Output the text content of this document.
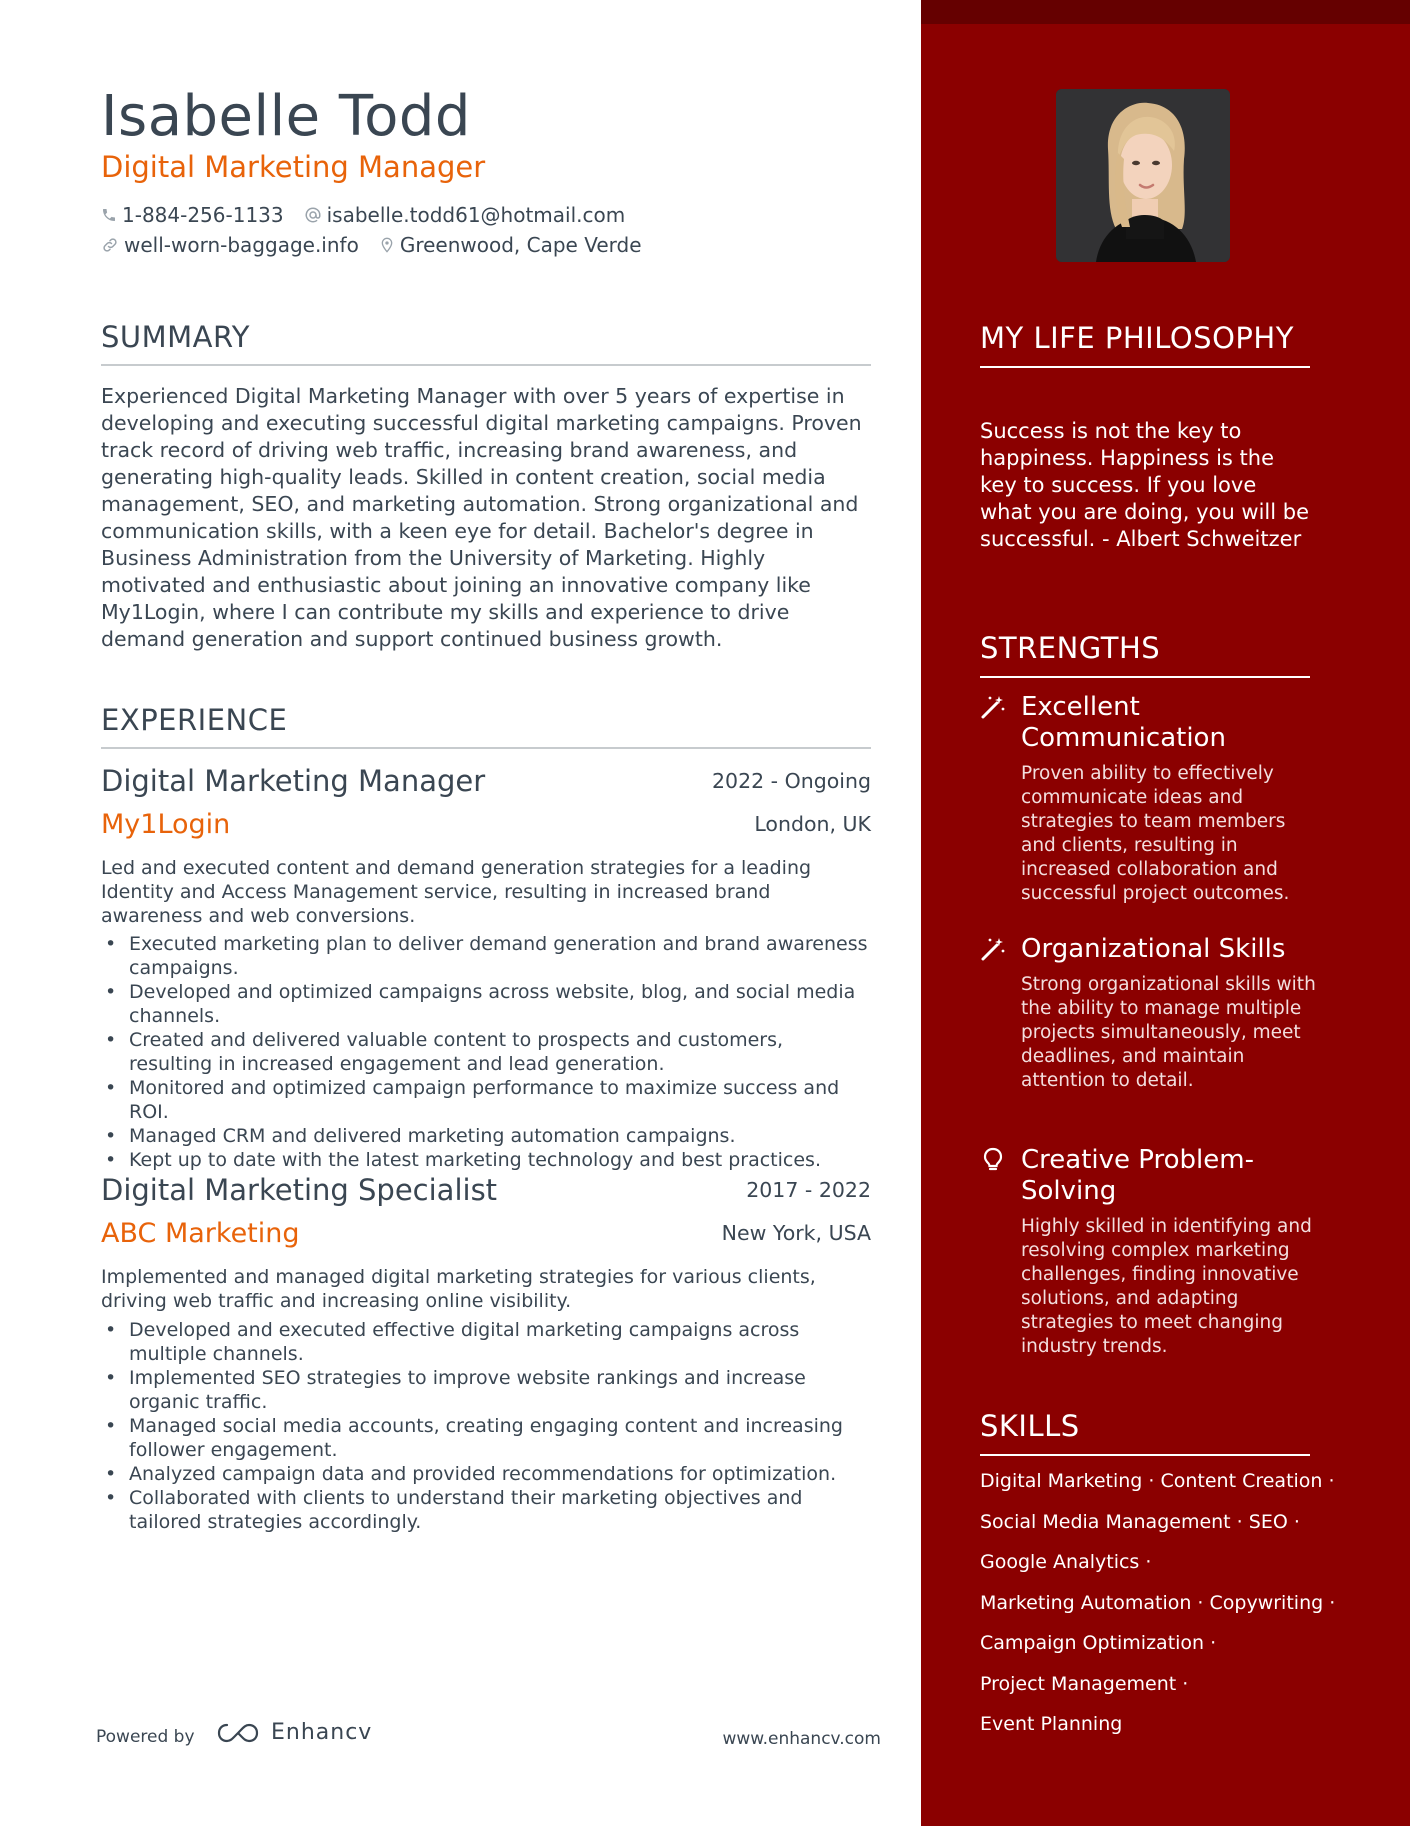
Isabelle Todd
Digital Marketing Manager
1-884-256-1133 isabelle.todd61@hotmail.com
well-worn-baggage.info Greenwood, Cape Verde
SUMMARY
Experienced Digital Marketing Manager with over 5 years of expertise in developing and executing successful digital marketing campaigns. Proven track record of driving web traffic, increasing brand awareness, and generating high-quality leads. Skilled in content creation, social media management, SEO, and marketing automation. Strong organizational and communication skills, with a keen eye for detail. Bachelor's degree in Business Administration from the University of Marketing. Highly motivated and enthusiastic about joining an innovative company like My1Login, where I can contribute my skills and experience to drive demand generation and support continued business growth.
EXPERIENCE
Digital Marketing Manager	2022 - Ongoing
My1Login	London, UK
Led and executed content and demand generation strategies for a leading Identity and Access Management service, resulting in increased brand awareness and web conversions.
• Executed marketing plan to deliver demand generation and brand awareness campaigns.
• Developed and optimized campaigns across website, blog, and social media channels.
• Created and delivered valuable content to prospects and customers, resulting in increased engagement and lead generation.
• Monitored and optimized campaign performance to maximize success and ROI.
• Managed CRM and delivered marketing automation campaigns.
• Kept up to date with the latest marketing technology and best practices.
Digital Marketing Specialist	2017 - 2022
ABC Marketing	New York, USA
Implemented and managed digital marketing strategies for various clients, driving web traffic and increasing online visibility.
• Developed and executed effective digital marketing campaigns across multiple channels.
• Implemented SEO strategies to improve website rankings and increase organic traffic.
• Managed social media accounts, creating engaging content and increasing follower engagement.
• Analyzed campaign data and provided recommendations for optimization.
• Collaborated with clients to understand their marketing objectives and tailored strategies accordingly.
Powered by	Enhancv	www.enhancv.com
MY LIFE PHILOSOPHY
Success is not the key to happiness. Happiness is the key to success. If you love what you are doing, you will be successful. - Albert Schweitzer
STRENGTHS
Excellent Communication
Proven ability to effectively communicate ideas and strategies to team members and clients, resulting in increased collaboration and successful project outcomes.
Organizational Skills
Strong organizational skills with the ability to manage multiple projects simultaneously, meet deadlines, and maintain attention to detail.
Creative Problem-Solving
Highly skilled in identifying and resolving complex marketing challenges, finding innovative solutions, and adapting strategies to meet changing industry trends.
SKILLS
Digital Marketing · Content Creation ·
Social Media Management · SEO ·
Google Analytics ·
Marketing Automation · Copywriting ·
Campaign Optimization ·
Project Management ·
Event Planning
